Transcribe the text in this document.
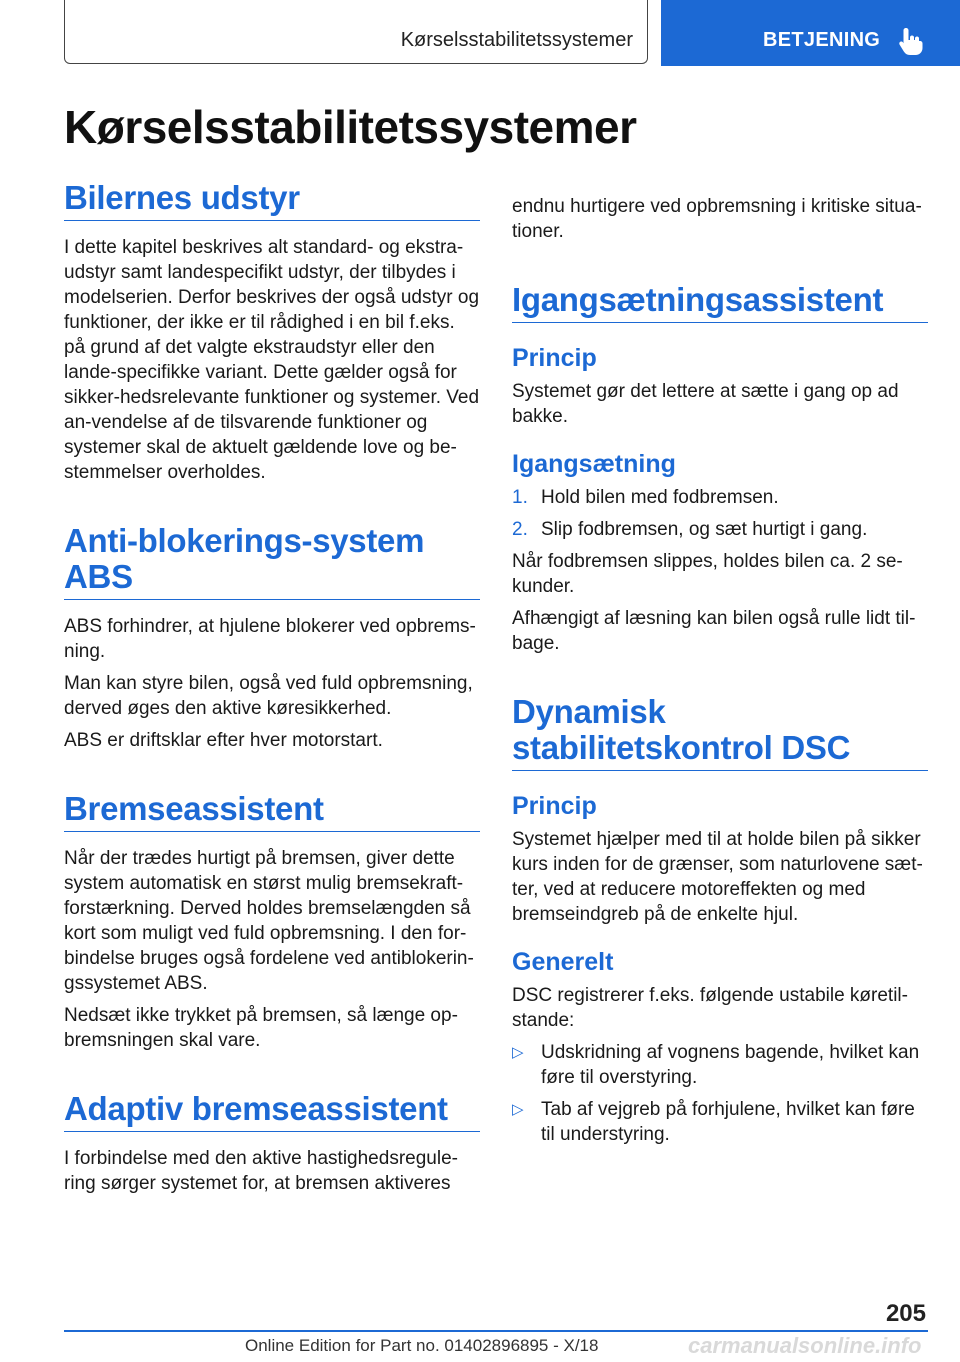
Kørselsstabilitetssystemer	BETJENING
Kørselsstabilitetssystemer
Bilernes udstyr

I dette kapitel beskrives alt standard- og ekstra-udstyr samt landespecifikt udstyr, der tilbydes i modelserien. Derfor beskrives der også udstyr og funktioner, der ikke er til rådighed i en bil f.eks. på grund af det valgte ekstraudstyr eller den lande-specifikke variant. Dette gælder også for sikker-hedsrelevante funktioner og systemer. Ved an-vendelse af de tilsvarende funktioner og systemer skal de aktuelt gældende love og be-stemmelser overholdes.

Anti-blokerings-system ABS

ABS forhindrer, at hjulene blokerer ved opbrems-ning.

Man kan styre bilen, også ved fuld opbremsning, derved øges den aktive køresikkerhed.

ABS er driftsklar efter hver motorstart.

Bremseassistent

Når der trædes hurtigt på bremsen, giver dette system automatisk en størst mulig bremsekraft-forstærkning. Derved holdes bremselængden så kort som muligt ved fuld opbremsning. I den for-bindelse bruges også fordelene ved antiblokerin-gssystemet ABS.

Nedsæt ikke trykket på bremsen, så længe op-bremsningen skal vare.

Adaptiv bremseassistent

I forbindelse med den aktive hastighedsregule-ring sørger systemet for, at bremsen aktiveres

endnu hurtigere ved opbremsning i kritiske situa-tioner.

Igangsætningsassistent
Princip

Systemet gør det lettere at sætte i gang op ad bakke.

Igangsætning
1. Hold bilen med fodbremsen.
2. Slip fodbremsen, og sæt hurtigt i gang.

Når fodbremsen slippes, holdes bilen ca. 2 se-kunder.

Afhængigt af læsning kan bilen også rulle lidt til-bage.

Dynamisk stabilitetskontrol DSC
Princip

Systemet hjælper med til at holde bilen på sikker kurs inden for de grænser, som naturlovene sæt-ter, ved at reducere motoreffekten og med bremseindgreb på de enkelte hjul.

Generelt

DSC registrerer f.eks. følgende ustabile køretil-stande:

▷ Udskridning af vognens bagende, hvilket kan føre til overstyring.
▷ Tab af vejgreb på forhjulene, hvilket kan føre til understyring.
205
Online Edition for Part no. 01402896895 - X/18	carmanualsonline.info
